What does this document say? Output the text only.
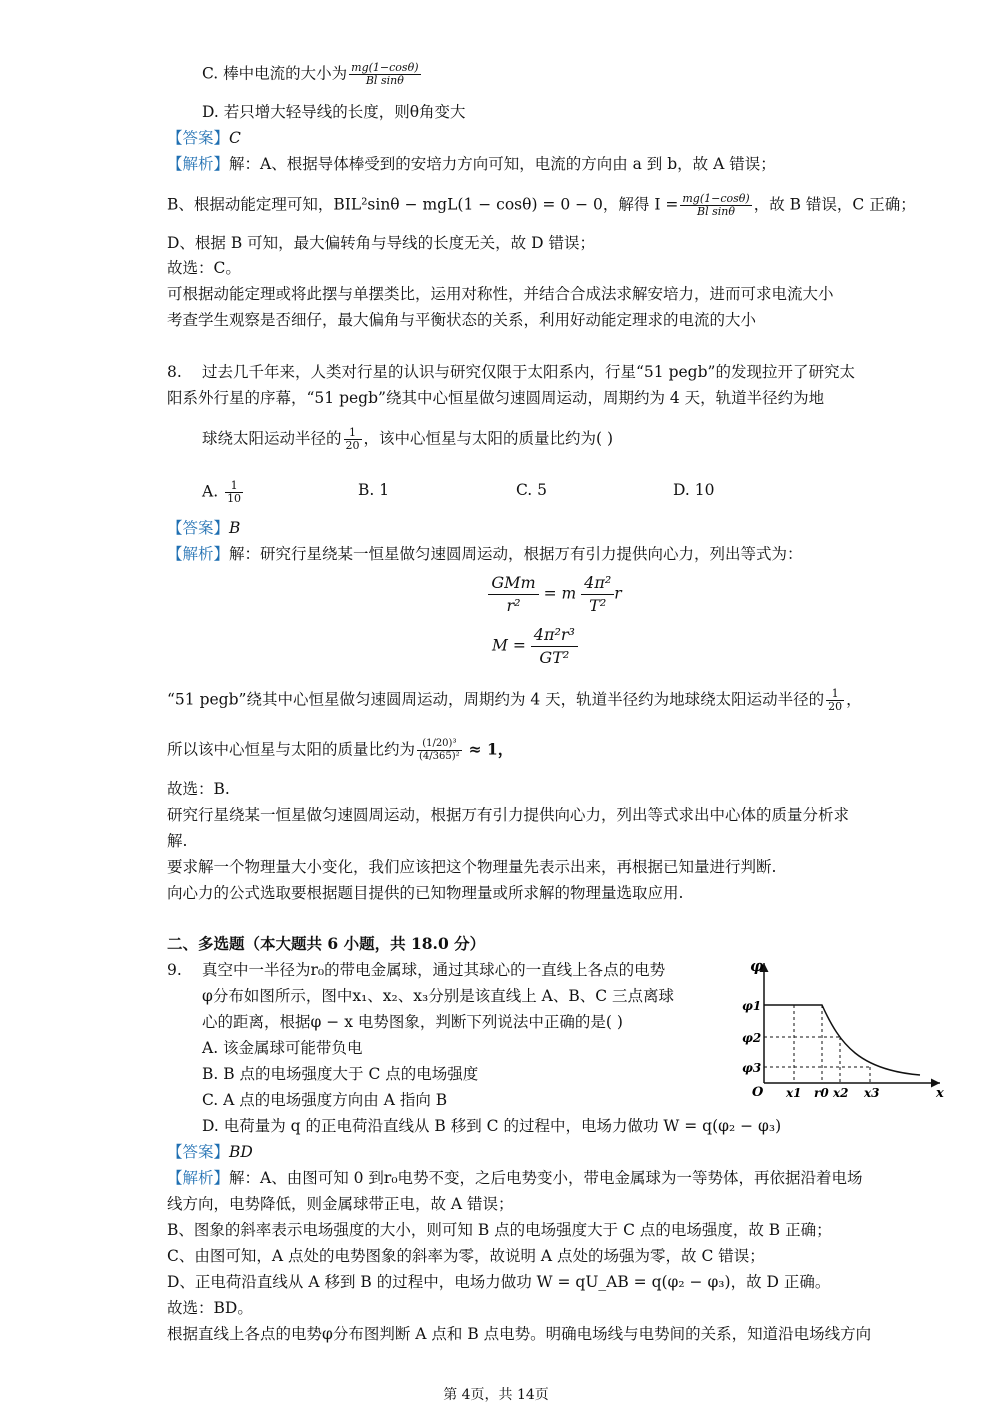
C. 棒中电流的大小为 $\frac{mg(1-\cos\theta)}{\text{Bl sinθ}}$
D. 若只增大轻导线的长度，则θ角变大
【答案】C
【解析】解：A、根据导体棒受到的安培力方向可知，电流的方向由 a 到 b，故 A 错误；
B、根据动能定理可知，BIL²sinθ − mgL(1 − cosθ) = 0 − 0，解得 $I = \frac{mg(1-\cos\theta)}{\text{Bl sinθ}}$ ，故 B 错误，C 正确；
D、根据 B 可知，最大偏转角与导线的长度无关，故 D 错误；
故选：C。
可根据动能定理或将此摆与单摆类比，运用对称性，并结合合成法求解安培力，进而可求电流大小
考查学生观察是否细仔，最大偏角与平衡状态的关系，利用好动能定理求的电流的大小
8. 过去几千年来，人类对行星的认识与研究仅限于太阳系内，行星“51 pegb”的发现拉开了研究太
阳系外行星的序幕，“51 pegb”绕其中心恒星做匀速圆周运动，周期约为 4 天，轨道半径约为地
球绕太阳运动半径的 $\frac{1}{20}$ ，该中心恒星与太阳的质量比约为( )
A. $\frac{1}{10}$	B. 1	C. 5	D. 10
【答案】B
【解析】解：研究行星绕某一恒星做匀速圆周运动，根据万有引力提供向心力，列出等式为：
GMm
r²
= m $\frac{\text{4π²}}{\text{T²}}$ r
$M = \frac{\text{4π²r³}}{\text{GT²}}$
“51 pegb”绕其中心恒星做匀速圆周运动，周期约为 4 天，轨道半径约为地球绕太阳运动半径的 $\frac{1}{20}$ ，
所以该中心恒星与太阳的质量比约为 $\frac{\text{(1/20)³}}{\text{(4/365)²}} \approx 1$，
故选：B.
研究行星绕某一恒星做匀速圆周运动，根据万有引力提供向心力，列出等式求出中心体的质量分析求
解.
要求解一个物理量大小变化，我们应该把这个物理量先表示出来，再根据已知量进行判断.
向心力的公式选取要根据题目提供的已知物理量或所求解的物理量选取应用.
二、多选题（本大题共 6 小题，共 18.0 分）
9. 真空中一半径为r₀的带电金属球，通过其球心的一直线上各点的电势
φ分布如图所示，图中x₁、x₂、x₃分别是该直线上 A、B、C 三点离球
心的距离，根据φ − x 电势图象，判断下列说法中正确的是( )
A. 该金属球可能带负电
B. B 点的电场强度大于 C 点的电场强度
C. A 点的电场强度方向由 A 指向 B
D. 电荷量为 q 的正电荷沿直线从 B 移到 C 的过程中，电场力做功 W = q(φ₂ − φ₃)
φ
x
O
φ1
φ2
φ3
x1 r0 x2 x3
【答案】BD
【解析】解：A、由图可知 0 到r₀电势不变，之后电势变小，带电金属球为一等势体，再依据沿着电场
线方向，电势降低，则金属球带正电，故 A 错误；
B、图象的斜率表示电场强度的大小，则可知 B 点的电场强度大于 C 点的电场强度，故 B 正确；
C、由图可知，A 点处的电势图象的斜率为零，故说明 A 点处的场强为零，故 C 错误；
D、正电荷沿直线从 A 移到 B 的过程中，电场力做功 W = qU_AB = q(φ₂ − φ₃)，故 D 正确。
故选：BD。
根据直线上各点的电势φ分布图判断 A 点和 B 点电势。明确电场线与电势间的关系，知道沿电场线方向
第 4页，共 14页
